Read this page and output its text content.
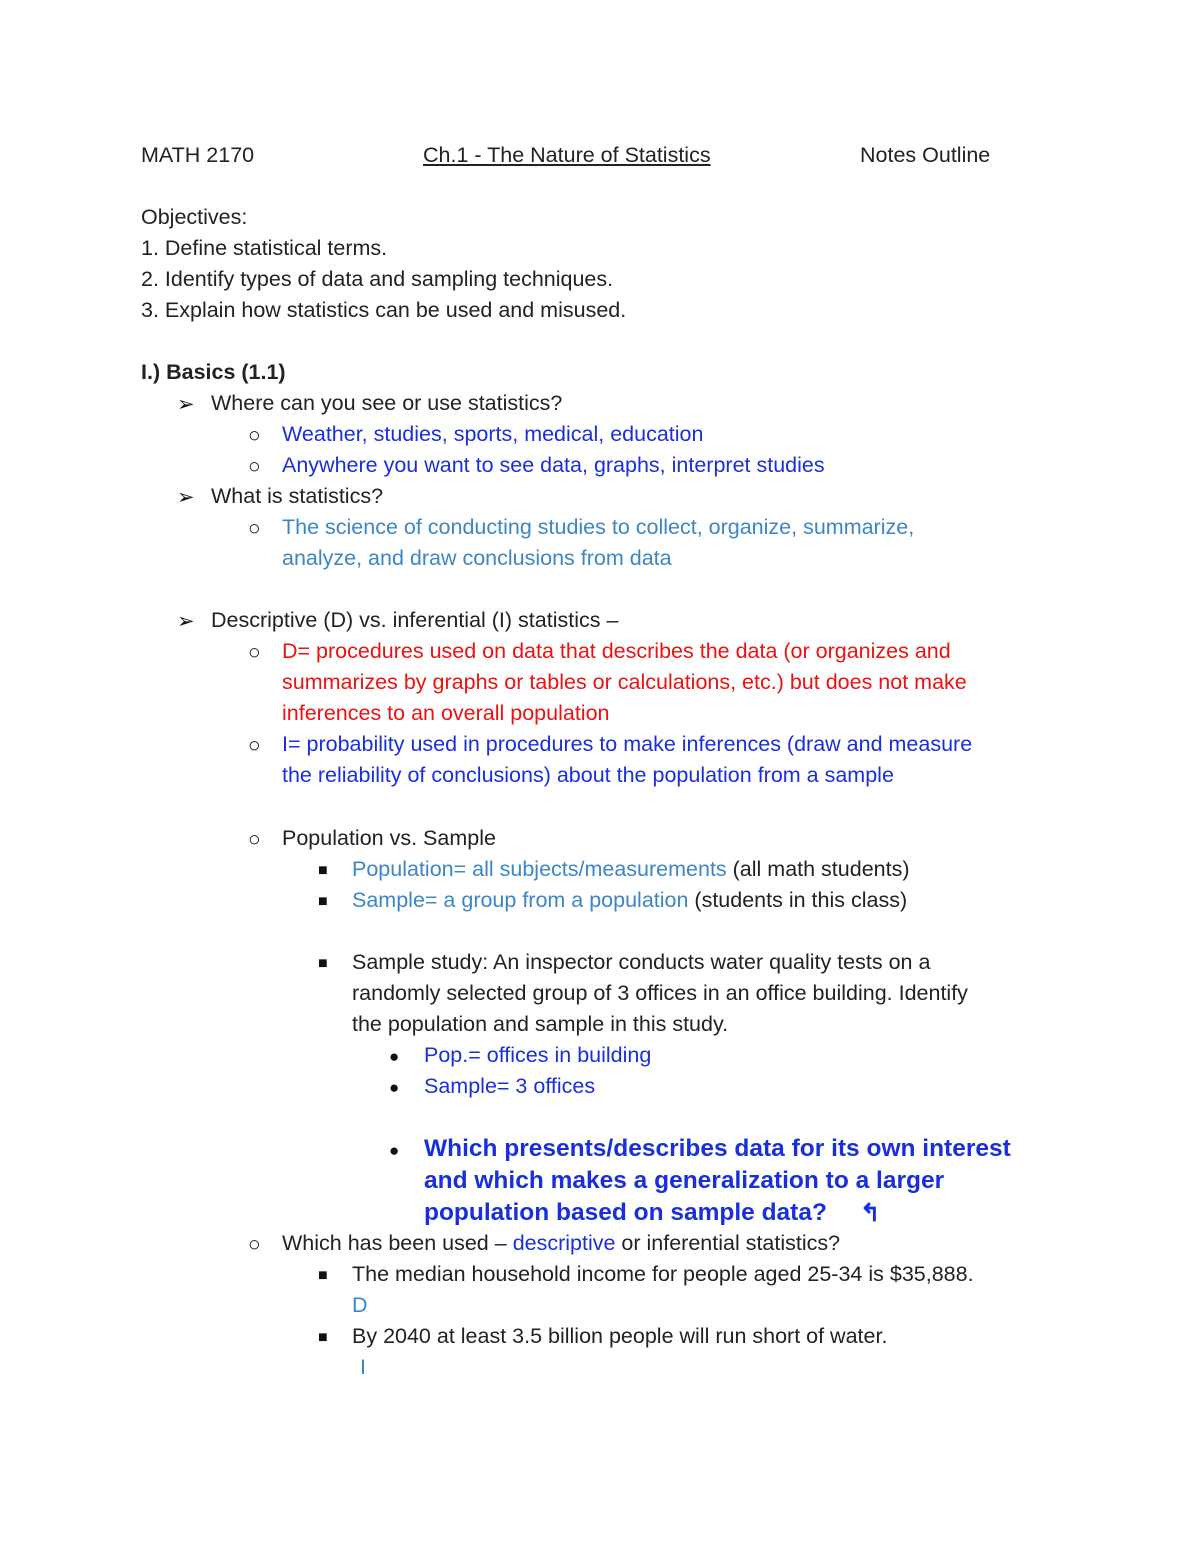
MATH 2170	Ch.1 - The Nature of Statistics	Notes Outline
Objectives:
1. Define statistical terms.
2. Identify types of data and sampling techniques.
3. Explain how statistics can be used and misused.
I.) Basics (1.1)
➢ Where can you see or use statistics?
○ Weather, studies, sports, medical, education
○ Anywhere you want to see data, graphs, interpret studies
➢ What is statistics?
○ The science of conducting studies to collect, organize, summarize,
analyze, and draw conclusions from data
➢ Descriptive (D) vs. inferential (I) statistics –
○ D= procedures used on data that describes the data (or organizes and
summarizes by graphs or tables or calculations, etc.) but does not make
inferences to an overall population
○ I= probability used in procedures to make inferences (draw and measure
the reliability of conclusions) about the population from a sample
○ Population vs. Sample
■ Population= all subjects/measurements (all math students)
■ Sample= a group from a population (students in this class)
■ Sample study: An inspector conducts water quality tests on a
randomly selected group of 3 offices in an office building. Identify
the population and sample in this study.
● Pop.= offices in building
● Sample= 3 offices
● Which presents/describes data for its own interest
and which makes a generalization to a larger
population based on sample data? ↰
○ Which has been used – descriptive or inferential statistics?
■ The median household income for people aged 25-34 is $35,888.
D
■ By 2040 at least 3.5 billion people will run short of water.
I
